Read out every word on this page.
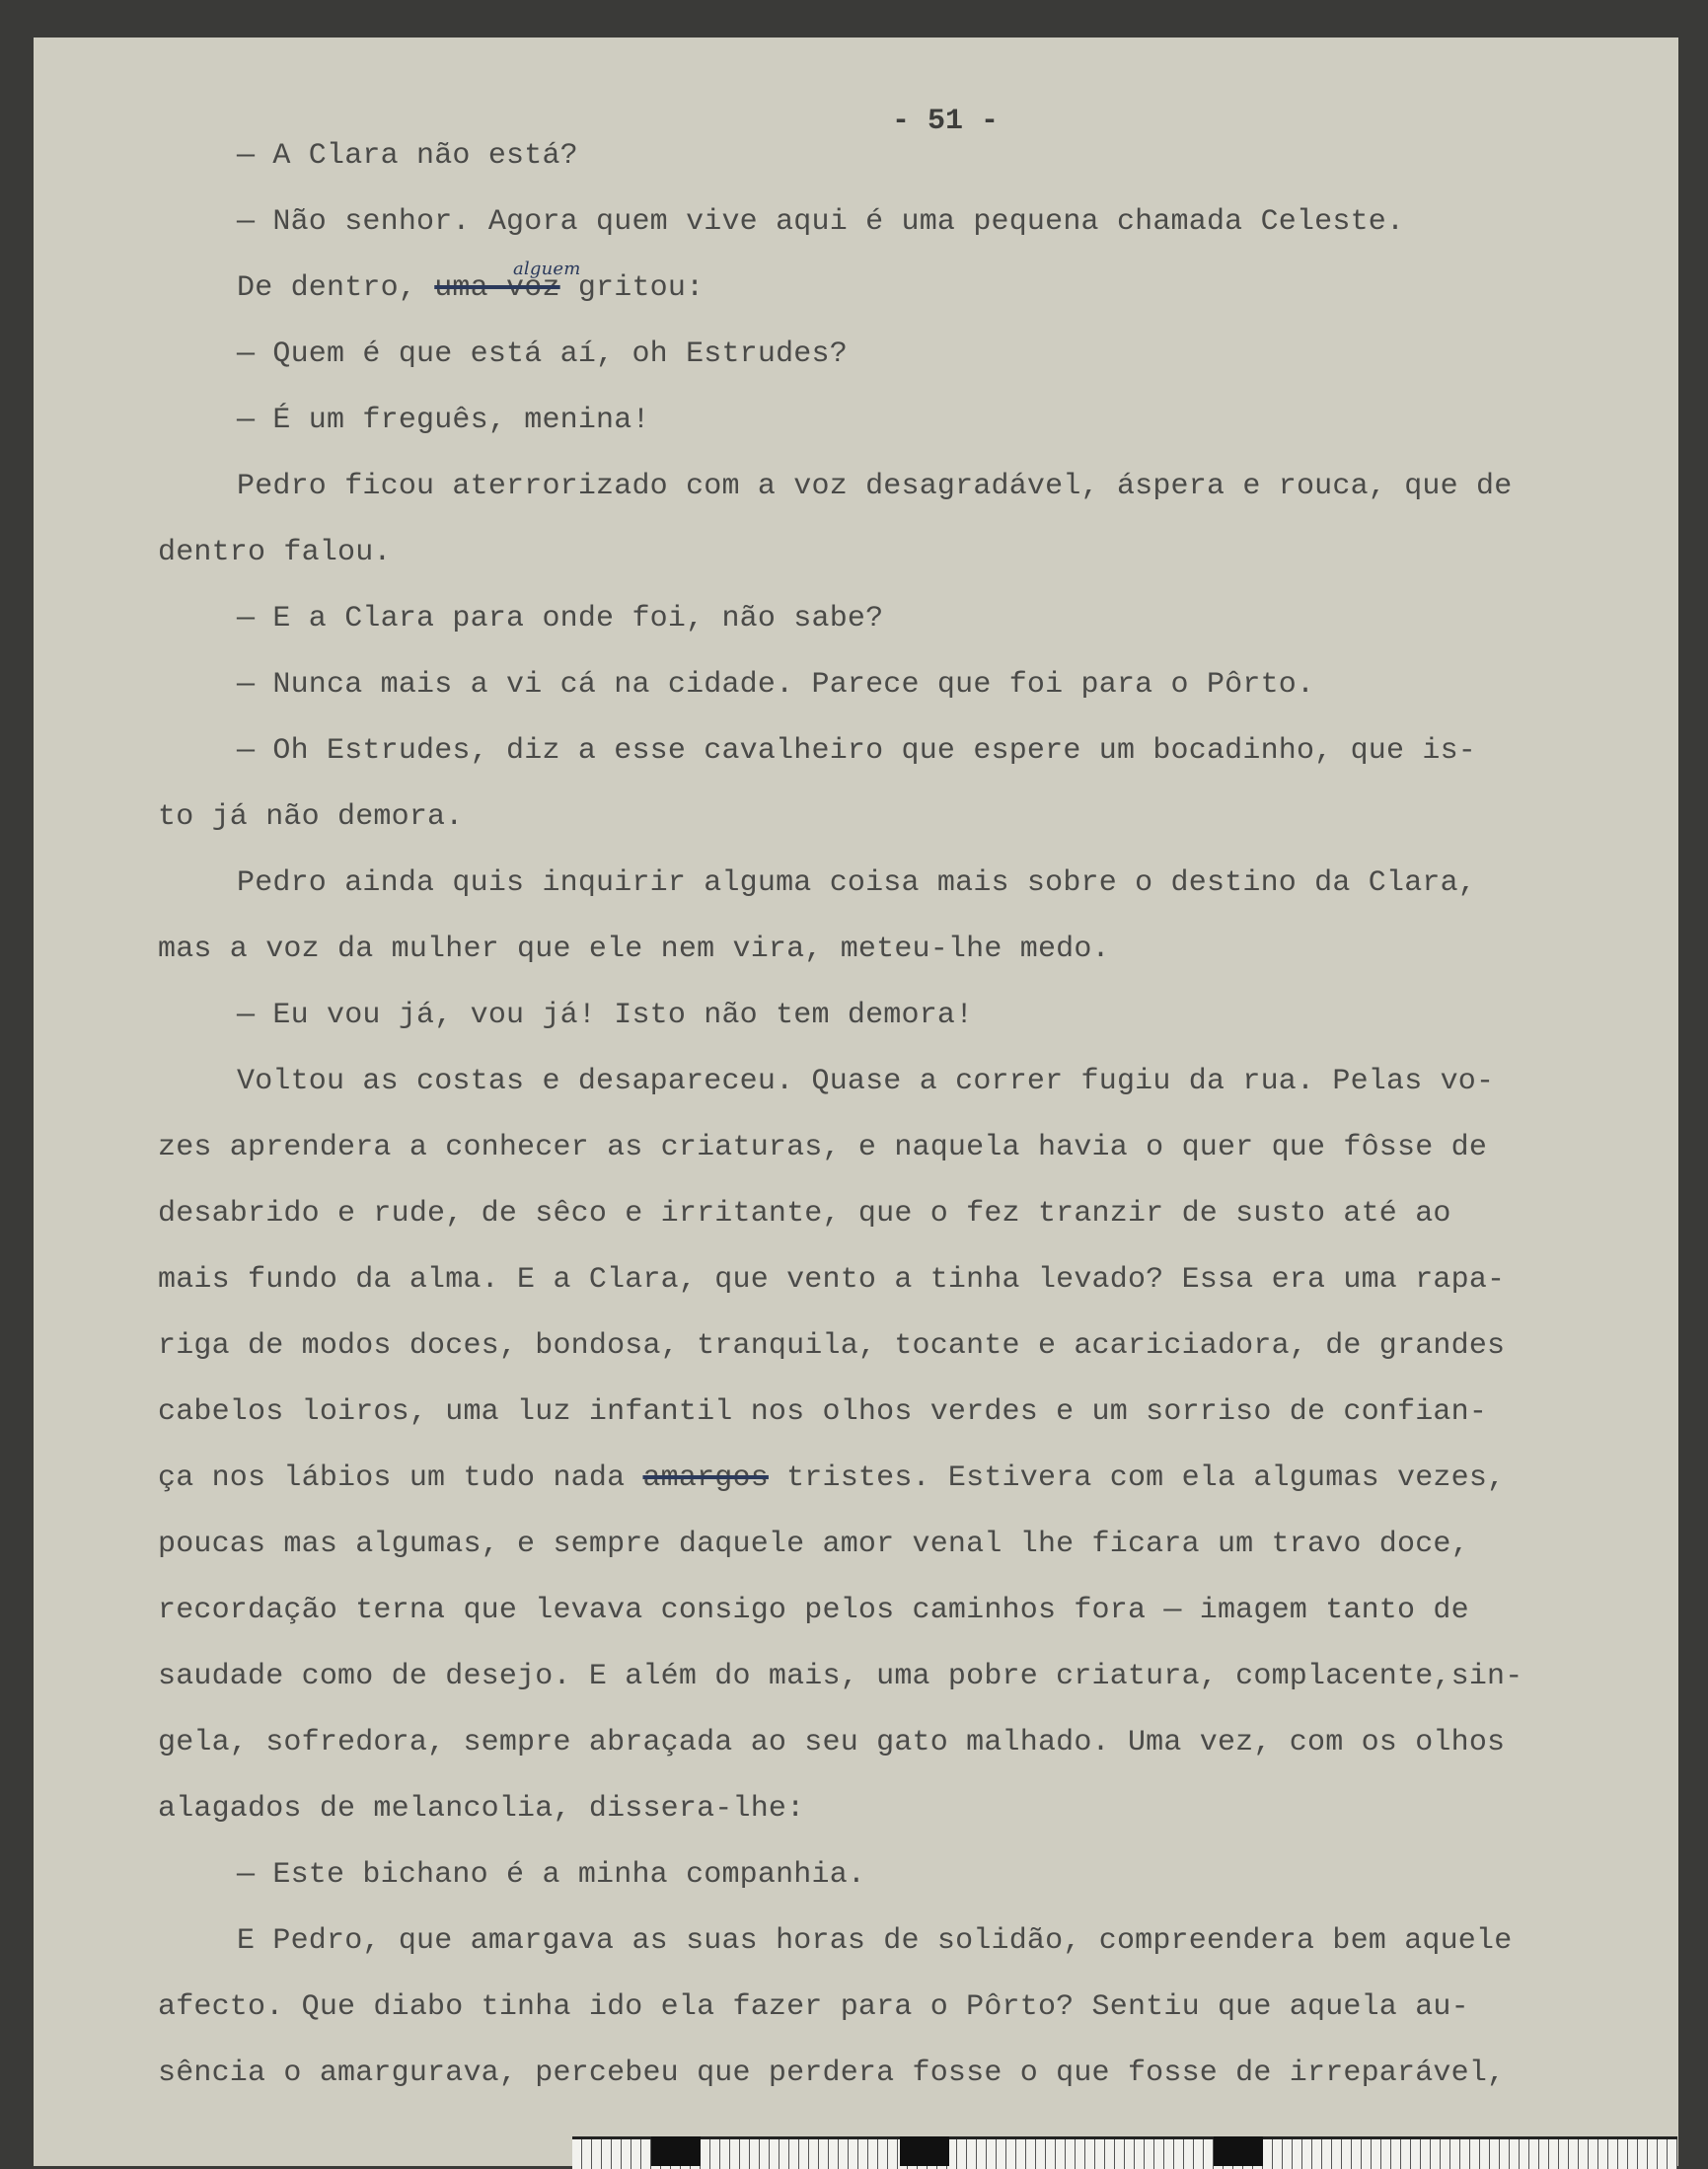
- 51 -
— A Clara não está?
— Não senhor. Agora quem vive aqui é uma pequena chamada Celeste.
De dentro, uma voz gritou:
— Quem é que está aí, oh Estrudes?
— É um freguês, menina!
Pedro ficou aterrorizado com a voz desagradável, áspera e rouca, que de
dentro falou.
— E a Clara para onde foi, não sabe?
— Nunca mais a vi cá na cidade. Parece que foi para o Pôrto.
— Oh Estrudes, diz a esse cavalheiro que espere um bocadinho, que is-
to já não demora.
Pedro ainda quis inquirir alguma coisa mais sobre o destino da Clara,
mas a voz da mulher que ele nem vira, meteu-lhe medo.
— Eu vou já, vou já! Isto não tem demora!
Voltou as costas e desapareceu. Quase a correr fugiu da rua. Pelas vo-
zes aprendera a conhecer as criaturas, e naquela havia o quer que fôsse de
desabrido e rude, de sêco e irritante, que o fez tranzir de susto até ao
mais fundo da alma. E a Clara, que vento a tinha levado? Essa era uma rapa-
riga de modos doces, bondosa, tranquila, tocante e acariciadora, de grandes
cabelos loiros, uma luz infantil nos olhos verdes e um sorriso de confian-
ça nos lábios um tudo nada amargos tristes. Estivera com ela algumas vezes,
poucas mas algumas, e sempre daquele amor venal lhe ficara um travo doce,
recordação terna que levava consigo pelos caminhos fora — imagem tanto de
saudade como de desejo. E além do mais, uma pobre criatura, complacente,sin-
gela, sofredora, sempre abraçada ao seu gato malhado. Uma vez, com os olhos
alagados de melancolia, dissera-lhe:
— Este bichano é a minha companhia.
E Pedro, que amargava as suas horas de solidão, compreendera bem aquele
afecto. Que diabo tinha ido ela fazer para o Pôrto? Sentiu que aquela au-
sência o amargurava, percebeu que perdera fosse o que fosse de irreparável,
alguem
